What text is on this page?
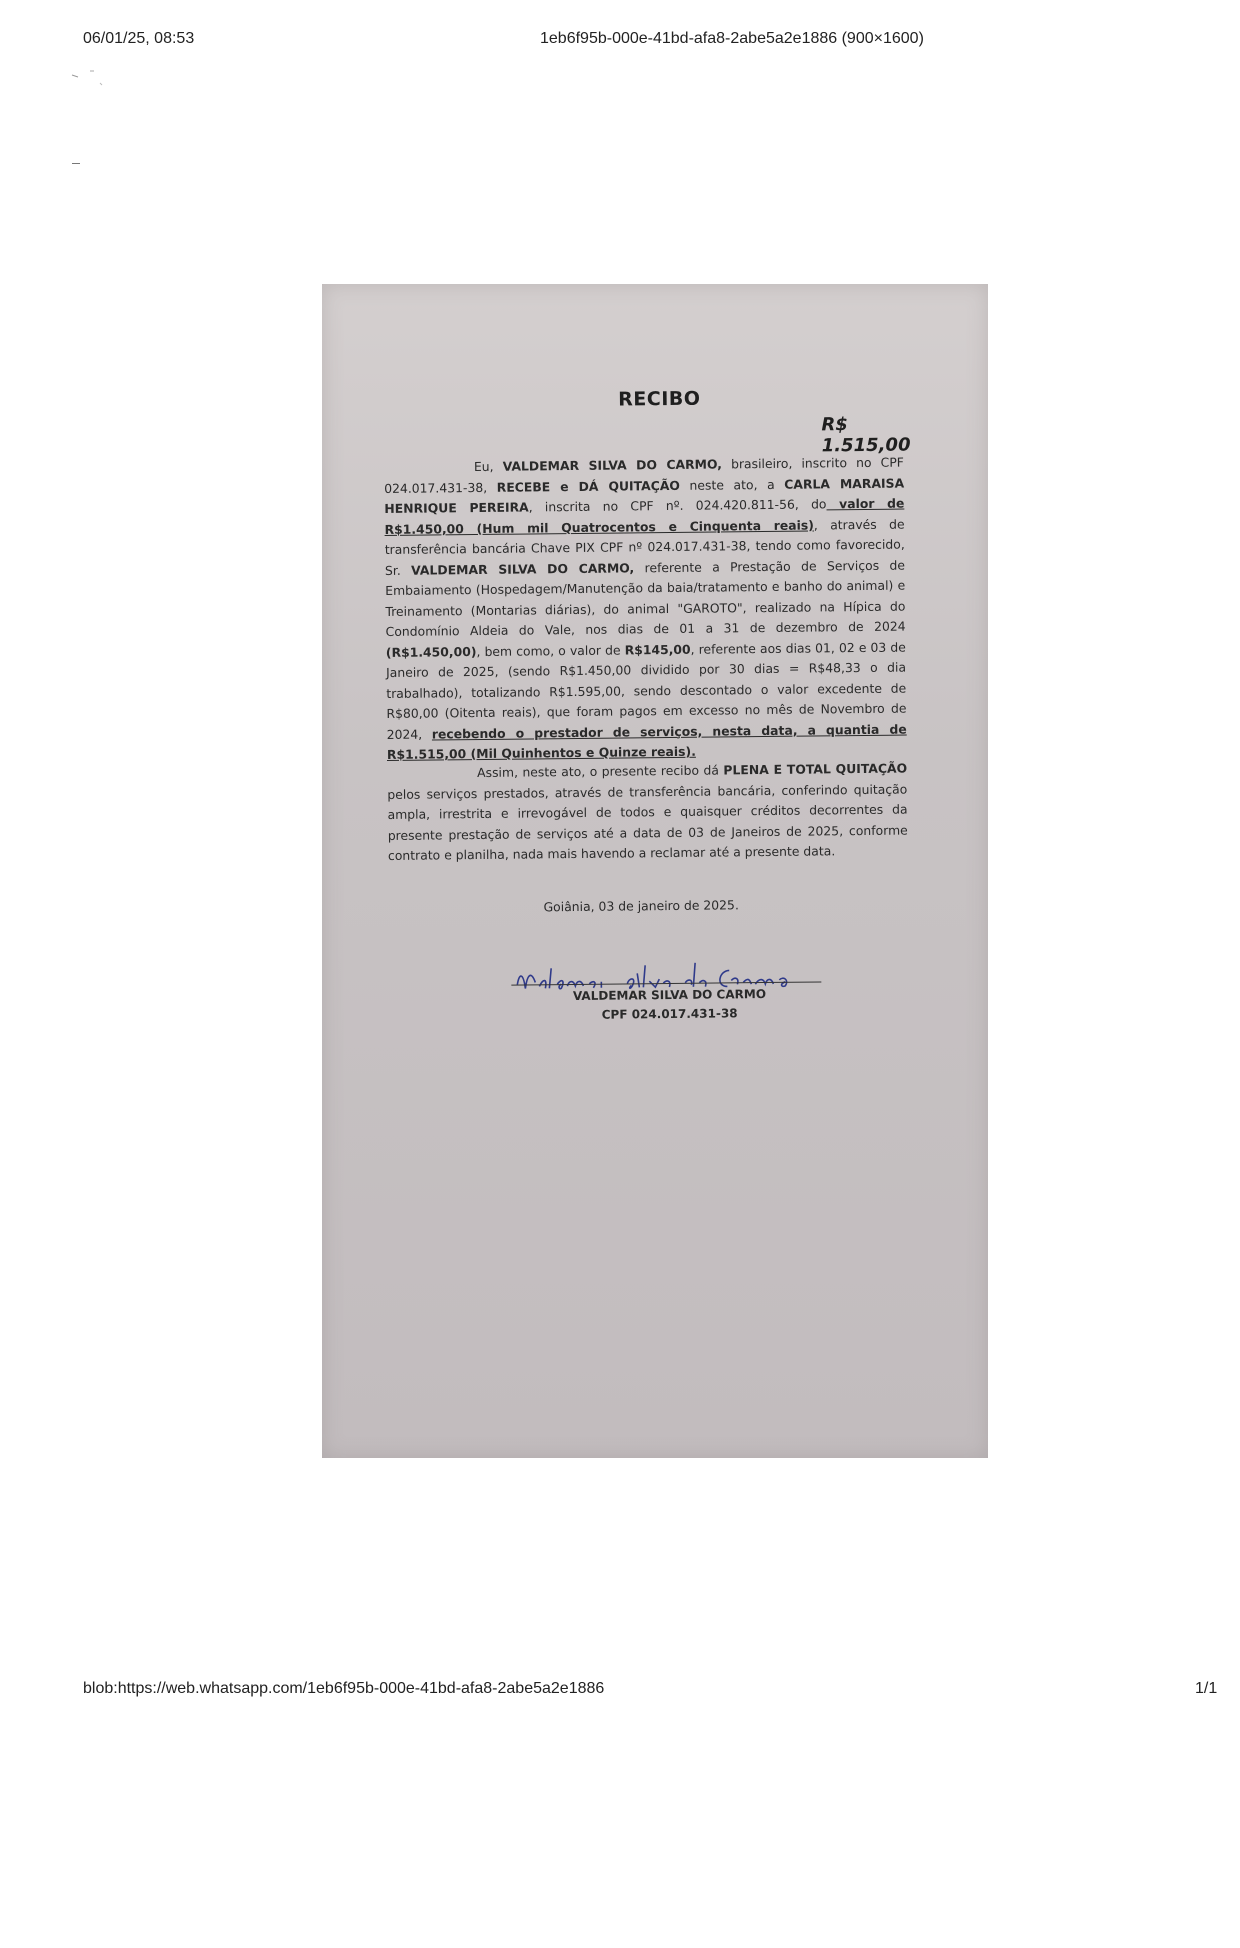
06/01/25, 08:53	1eb6f95b-000e-41bd-afa8-2abe5a2e1886 (900×1600)
RECIBO
R$ 1.515,00
Eu, VALDEMAR SILVA DO CARMO, brasileiro, inscrito no CPF 024.017.431-38, RECEBE e DÁ QUITAÇÃO neste ato, a CARLA MARAISA HENRIQUE PEREIRA, inscrita no CPF nº. 024.420.811-56, do valor de R$1.450,00 (Hum mil Quatrocentos e Cinquenta reais), através de transferência bancária Chave PIX CPF nº 024.017.431-38, tendo como favorecido, Sr. VALDEMAR SILVA DO CARMO, referente a Prestação de Serviços de Embaiamento (Hospedagem/Manutenção da baia/tratamento e banho do animal) e Treinamento (Montarias diárias), do animal "GAROTO", realizado na Hípica do Condomínio Aldeia do Vale, nos dias de 01 a 31 de dezembro de 2024 (R$1.450,00), bem como, o valor de R$145,00, referente aos dias 01, 02 e 03 de Janeiro de 2025, (sendo R$1.450,00 dividido por 30 dias = R$48,33 o dia trabalhado), totalizando R$1.595,00, sendo descontado o valor excedente de R$80,00 (Oitenta reais), que foram pagos em excesso no mês de Novembro de 2024, recebendo o prestador de serviços, nesta data, a quantia de R$1.515,00 (Mil Quinhentos e Quinze reais).
Assim, neste ato, o presente recibo dá PLENA E TOTAL QUITAÇÃO pelos serviços prestados, através de transferência bancária, conferindo quitação ampla, irrestrita e irrevogável de todos e quaisquer créditos decorrentes da presente prestação de serviços até a data de 03 de Janeiros de 2025, conforme contrato e planilha, nada mais havendo a reclamar até a presente data.
Goiânia, 03 de janeiro de 2025.
VALDEMAR SILVA DO CARMO
CPF 024.017.431-38
blob:https://web.whatsapp.com/1eb6f95b-000e-41bd-afa8-2abe5a2e1886	1/1
